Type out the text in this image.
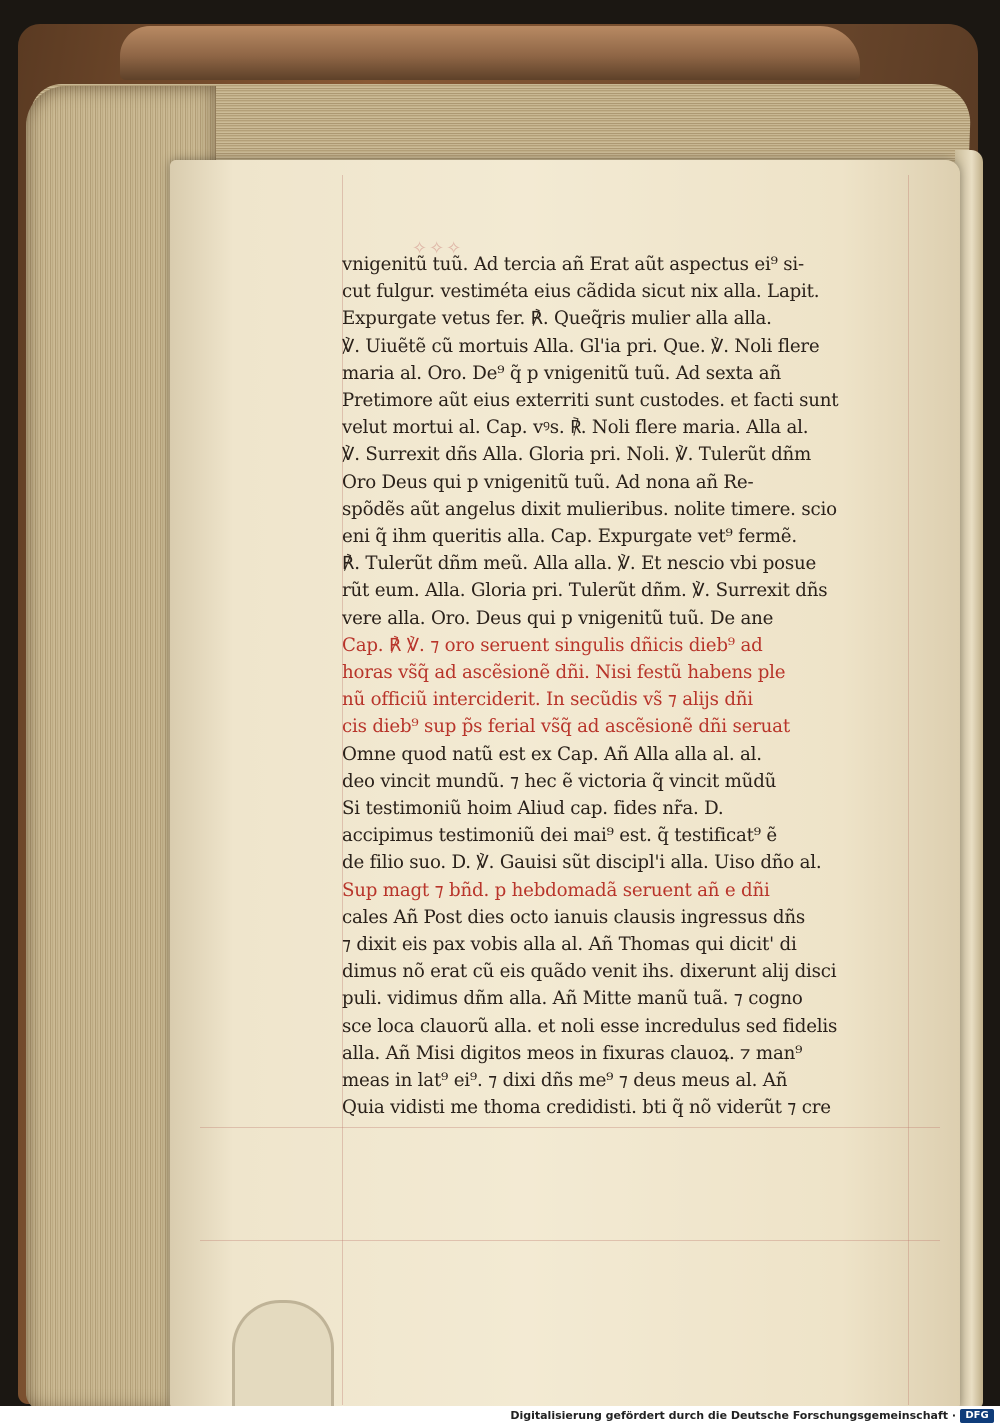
✧✧✧
vnigenitũ tuũ. Ad tercia añ Erat aũt aspectus ei⁹ si-
cut fulgur. vestiméta eius cãdida sicut nix alla. Lapit.
Expurgate vetus fer. ℟. Queq̃ris mulier alla alla.
℣. Uiuẽtẽ cũ mortuis Alla. Gl'ia pri. Que. ℣. Noli flere
maria al. Oro. De⁹ q̃ p vnigenitũ tuũ. Ad sexta añ
Pretimore aũt eius exterriti sunt custodes. et facti sunt
velut mortui al. Cap. vꝰs. ℟. Noli flere maria. Alla al.
℣. Surrexit dñs Alla. Gloria pri. Noli. ℣. Tulerũt dñm
Oro Deus qui p vnigenitũ tuũ. Ad nona añ Re-
spõdẽs aũt angelus dixit mulieribus. nolite timere. scio
eni q̃ ihm queritis alla. Cap. Expurgate vet⁹ fermẽ.
℟. Tulerũt dñm meũ. Alla alla. ℣. Et nescio vbi posue
rũt eum. Alla. Gloria pri. Tulerũt dñm. ℣. Surrexit dñs
vere alla. Oro. Deus qui p vnigenitũ tuũ. De ane
Cap. ℟ ℣. ⁊ oro seruent singulis dñicis dieb⁹ ad
horas vs̃q̃ ad ascẽsionẽ dñi. Nisi festũ habens ple
nũ officiũ interciderit. In secũdis vs̃ ⁊ alijs dñi
cis dieb⁹ sup p̃s ferial vs̃q̃ ad ascẽsionẽ dñi seruat
Omne quod natũ est ex Cap. Añ Alla alla al. al.
deo vincit mundũ. ⁊ hec ẽ victoria q̃ vincit mũdũ
Si testimoniũ hoim Aliud cap. fides nr̃a. D.
accipimus testimoniũ dei mai⁹ est. q̃ testificat⁹ ẽ
de filio suo. D. ℣. Gauisi sũt discipl'i alla. Uiso dño al.
Sup magt ⁊ bñd. p hebdomadã seruent añ e dñi
cales Añ Post dies octo ianuis clausis ingressus dñs
⁊ dixit eis pax vobis alla al. Añ Thomas qui dicit' di
dimus nõ erat cũ eis quãdo venit ihs. dixerunt alij disci
puli. vidimus dñm alla. Añ Mitte manũ tuã. ⁊ cogno
sce loca clauorũ alla. et noli esse incredulus sed fidelis
alla. Añ Misi digitos meos in fixuras clauoꝝ. ⁊ man⁹
meas in lat⁹ ei⁹. ⁊ dixi dñs me⁹ ⁊ deus meus al. Añ
Quia vidisti me thoma credidisti. bti q̃ nõ viderũt ⁊ cre
Digitalisierung gefördert durch die Deutsche Forschungsgemeinschaft · DFG
